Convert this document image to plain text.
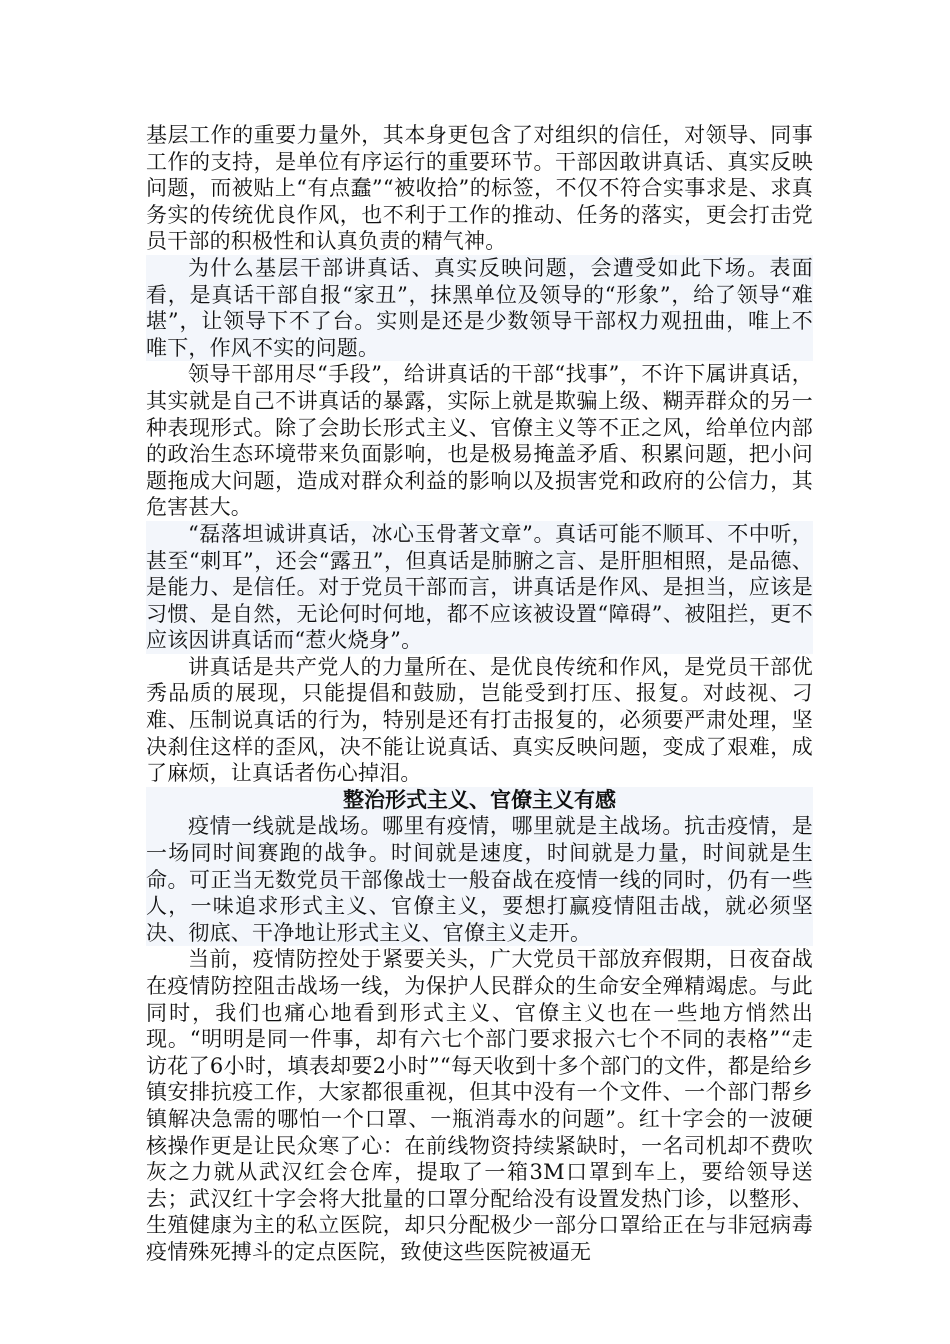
基层工作的重要力量外，其本身更包含了对组织的信任，对领导、同事工作的支持，是单位有序运行的重要环节。干部因敢讲真话、真实反映问题，而被贴上“有点蠢”“被收拾”的标签，不仅不符合实事求是、求真务实的传统优良作风，也不利于工作的推动、任务的落实，更会打击党员干部的积极性和认真负责的精气神。

为什么基层干部讲真话、真实反映问题，会遭受如此下场。表面看，是真话干部自报“家丑”，抹黑单位及领导的“形象”，给了领导“难堪”，让领导下不了台。实则是还是少数领导干部权力观扭曲，唯上不唯下，作风不实的问题。

领导干部用尽“手段”，给讲真话的干部“找事”，不许下属讲真话，其实就是自己不讲真话的暴露，实际上就是欺骗上级、糊弄群众的另一种表现形式。除了会助长形式主义、官僚主义等不正之风，给单位内部的政治生态环境带来负面影响，也是极易掩盖矛盾、积累问题，把小问题拖成大问题，造成对群众利益的影响以及损害党和政府的公信力，其危害甚大。

“磊落坦诚讲真话，冰心玉骨著文章”。真话可能不顺耳、不中听，甚至“刺耳”，还会“露丑”，但真话是肺腑之言、是肝胆相照，是品德、是能力、是信任。对于党员干部而言，讲真话是作风、是担当，应该是习惯、是自然，无论何时何地，都不应该被设置“障碍”、被阻拦，更不应该因讲真话而“惹火烧身”。

讲真话是共产党人的力量所在、是优良传统和作风，是党员干部优秀品质的展现，只能提倡和鼓励，岂能受到打压、报复。对歧视、刁难、压制说真话的行为，特别是还有打击报复的，必须要严肃处理，坚决刹住这样的歪风，决不能让说真话、真实反映问题，变成了艰难，成了麻烦，让真话者伤心掉泪。

整治形式主义、官僚主义有感

疫情一线就是战场。哪里有疫情，哪里就是主战场。抗击疫情，是一场同时间赛跑的战争。时间就是速度，时间就是力量，时间就是生命。可正当无数党员干部像战士一般奋战在疫情一线的同时，仍有一些人，一味追求形式主义、官僚主义，要想打赢疫情阻击战，就必须坚决、彻底、干净地让形式主义、官僚主义走开。

当前，疫情防控处于紧要关头，广大党员干部放弃假期，日夜奋战在疫情防控阻击战场一线，为保护人民群众的生命安全殚精竭虑。与此同时，我们也痛心地看到形式主义、官僚主义也在一些地方悄然出现。“明明是同一件事，却有六七个部门要求报六七个不同的表格”“走访花了6小时，填表却要2小时”“每天收到十多个部门的文件，都是给乡镇安排抗疫工作，大家都很重视，但其中没有一个文件、一个部门帮乡镇解决急需的哪怕一个口罩、一瓶消毒水的问题”。红十字会的一波硬核操作更是让民众寒了心：在前线物资持续紧缺时，一名司机却不费吹灰之力就从武汉红会仓库，提取了一箱3M口罩到车上，要给领导送去；武汉红十字会将大批量的口罩分配给没有设置发热门诊，以整形、生殖健康为主的私立医院，却只分配极少一部分口罩给正在与非冠病毒疫情殊死搏斗的定点医院，致使这些医院被逼无
